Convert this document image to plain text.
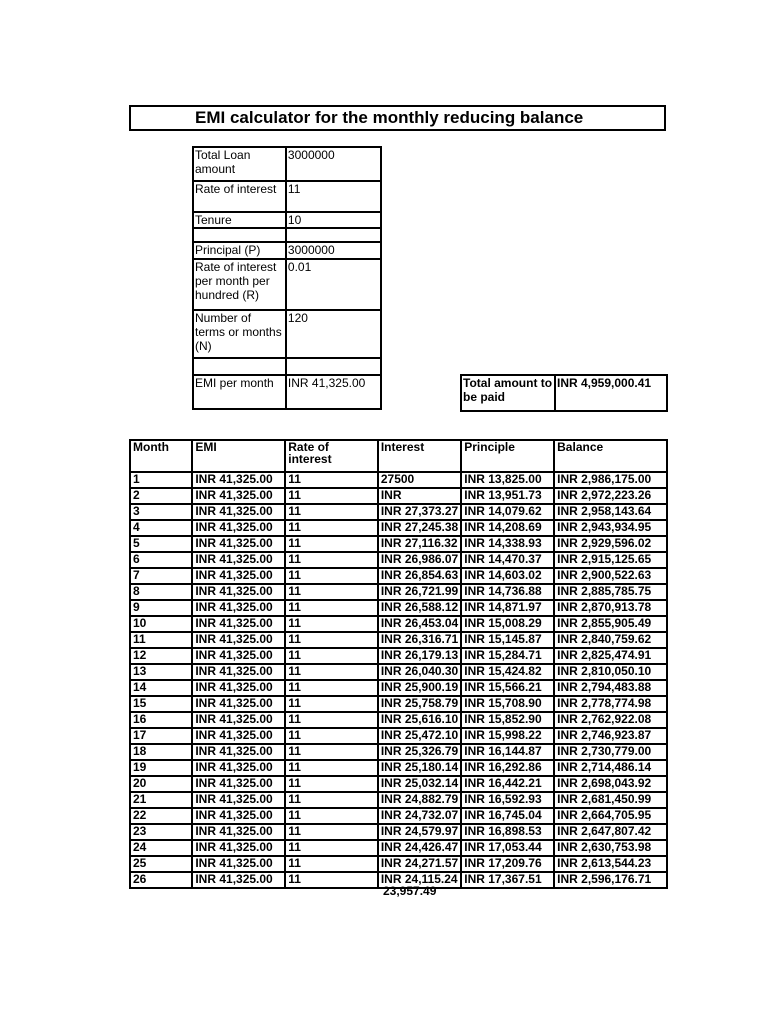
EMI calculator for the monthly reducing balance
Total Loan amount	3000000
Rate of interest	11
Tenure	10

Principal (P)	3000000
Rate of interest per month per hundred (R)	0.01
Number of terms or months (N)	120

EMI per month	INR 41,325.00	Total amount to be paid	INR 4,959,000.41
Month	EMI	Rate of interest	Interest	Principle	Balance
1	INR 41,325.00	11	27500	INR 13,825.00	INR 2,986,175.00
2	INR 41,325.00	11	INR	INR 13,951.73	INR 2,972,223.26
3	INR 41,325.00	11	INR 27,373.27	INR 14,079.62	INR 2,958,143.64
4	INR 41,325.00	11	INR 27,245.38	INR 14,208.69	INR 2,943,934.95
5	INR 41,325.00	11	INR 27,116.32	INR 14,338.93	INR 2,929,596.02
6	INR 41,325.00	11	INR 26,986.07	INR 14,470.37	INR 2,915,125.65
7	INR 41,325.00	11	INR 26,854.63	INR 14,603.02	INR 2,900,522.63
8	INR 41,325.00	11	INR 26,721.99	INR 14,736.88	INR 2,885,785.75
9	INR 41,325.00	11	INR 26,588.12	INR 14,871.97	INR 2,870,913.78
10	INR 41,325.00	11	INR 26,453.04	INR 15,008.29	INR 2,855,905.49
11	INR 41,325.00	11	INR 26,316.71	INR 15,145.87	INR 2,840,759.62
12	INR 41,325.00	11	INR 26,179.13	INR 15,284.71	INR 2,825,474.91
13	INR 41,325.00	11	INR 26,040.30	INR 15,424.82	INR 2,810,050.10
14	INR 41,325.00	11	INR 25,900.19	INR 15,566.21	INR 2,794,483.88
15	INR 41,325.00	11	INR 25,758.79	INR 15,708.90	INR 2,778,774.98
16	INR 41,325.00	11	INR 25,616.10	INR 15,852.90	INR 2,762,922.08
17	INR 41,325.00	11	INR 25,472.10	INR 15,998.22	INR 2,746,923.87
18	INR 41,325.00	11	INR 25,326.79	INR 16,144.87	INR 2,730,779.00
19	INR 41,325.00	11	INR 25,180.14	INR 16,292.86	INR 2,714,486.14
20	INR 41,325.00	11	INR 25,032.14	INR 16,442.21	INR 2,698,043.92
21	INR 41,325.00	11	INR 24,882.79	INR 16,592.93	INR 2,681,450.99
22	INR 41,325.00	11	INR 24,732.07	INR 16,745.04	INR 2,664,705.95
23	INR 41,325.00	11	INR 24,579.97	INR 16,898.53	INR 2,647,807.42
24	INR 41,325.00	11	INR 24,426.47	INR 17,053.44	INR 2,630,753.98
25	INR 41,325.00	11	INR 24,271.57	INR 17,209.76	INR 2,613,544.23
26	INR 41,325.00	11	INR 24,115.24	INR 17,367.51	INR 2,596,176.71
23,957.49
